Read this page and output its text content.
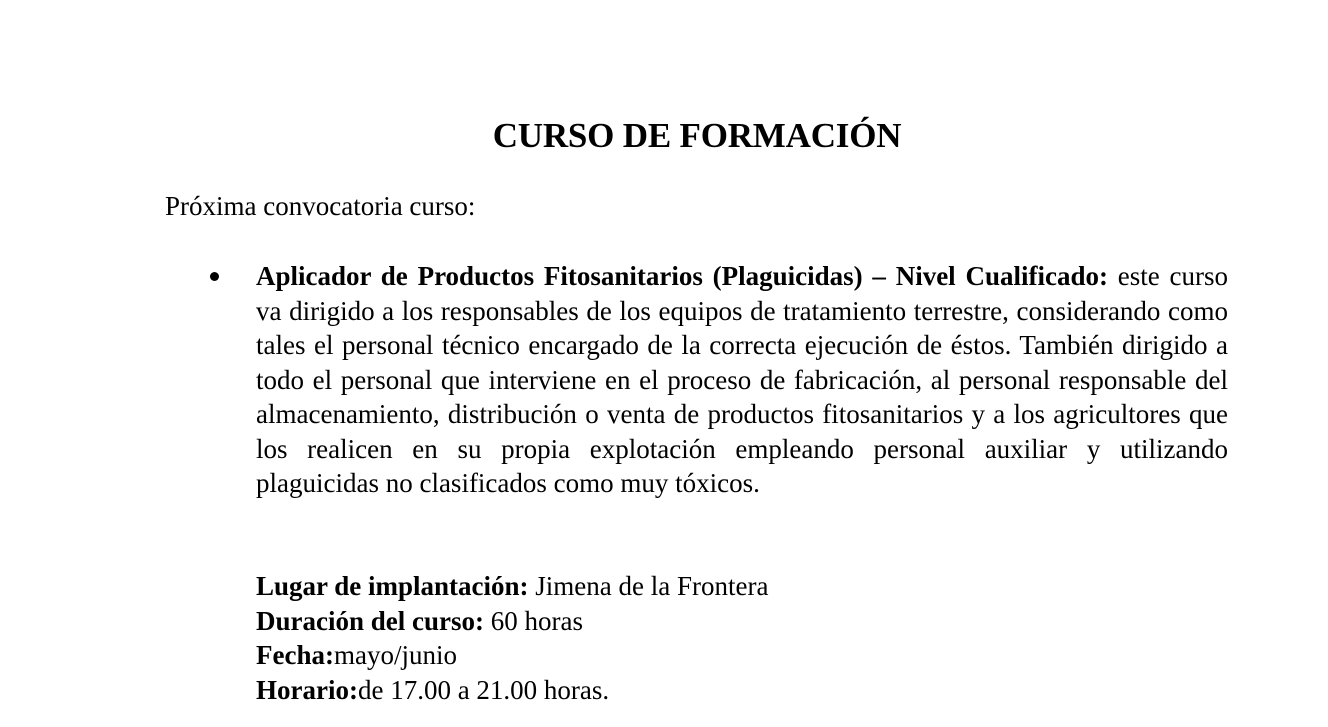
CURSO DE FORMACIÓN

Próxima convocatoria curso:

Aplicador de Productos Fitosanitarios (Plaguicidas) – Nivel Cualificado: este curso va dirigido a los responsables de los equipos de tratamiento terrestre, considerando como tales el personal técnico encargado de la correcta ejecución de éstos. También dirigido a todo el personal que interviene en el proceso de fabricación, al personal responsable del almacenamiento, distribución o venta de productos fitosanitarios y a los agricultores que los realicen en su propia explotación empleando personal auxiliar y utilizando plaguicidas no clasificados como muy tóxicos.

Lugar de implantación: Jimena de la Frontera
Duración del curso: 60 horas
Fecha:mayo/junio
Horario:de 17.00 a 21.00 horas.
